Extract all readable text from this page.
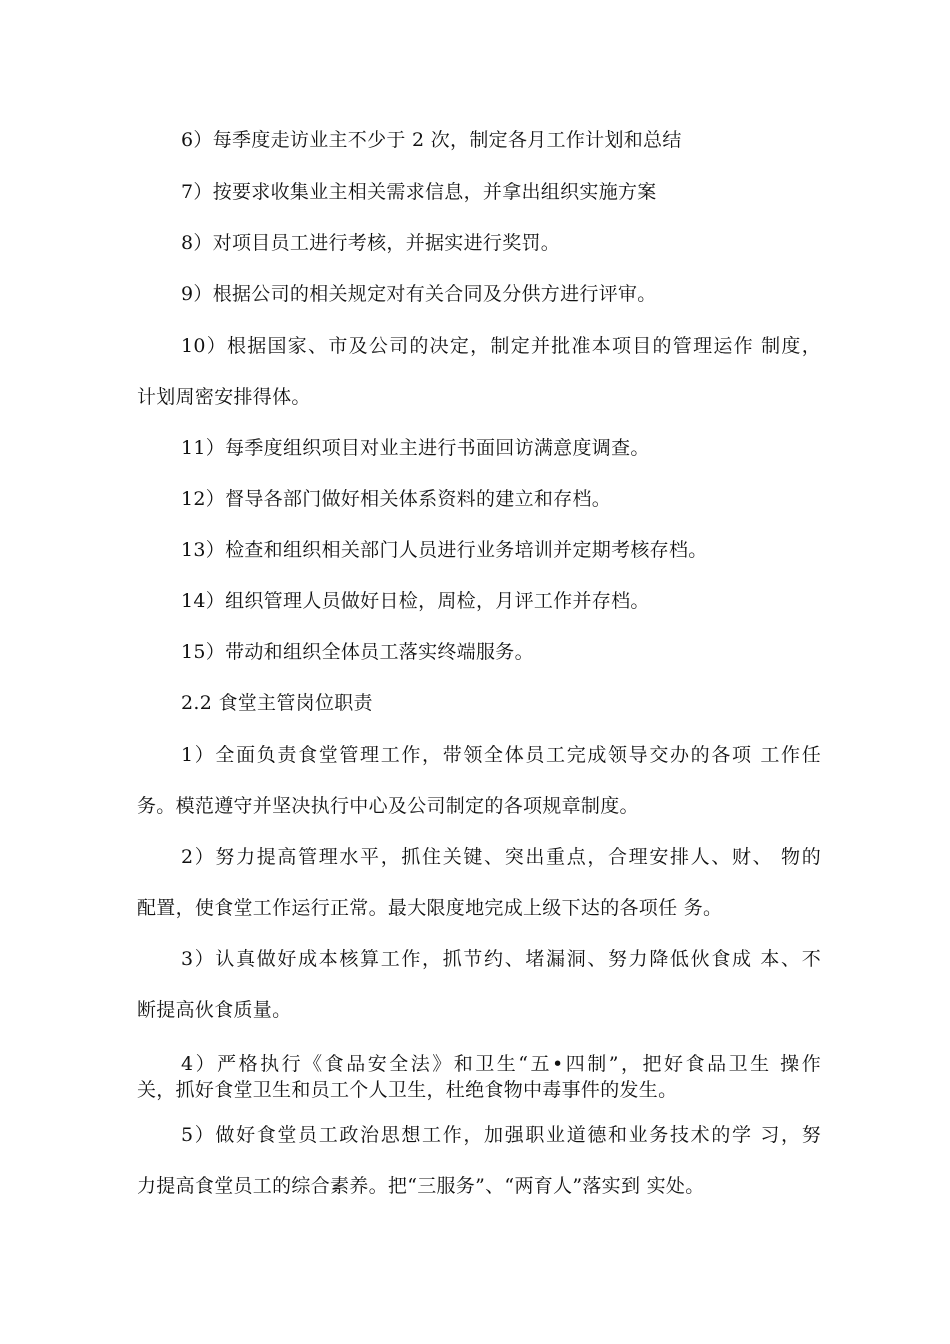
6）每季度走访业主不少于 2 次，制定各月工作计划和总结

7）按要求收集业主相关需求信息，并拿出组织实施方案

8）对项目员工进行考核，并据实进行奖罚。

9）根据公司的相关规定对有关合同及分供方进行评审。

10）根据国家、市及公司的决定，制定并批准本项目的管理运作 制度，

计划周密安排得体。

11）每季度组织项目对业主进行书面回访满意度调查。

12）督导各部门做好相关体系资料的建立和存档。

13）检查和组织相关部门人员进行业务培训并定期考核存档。

14）组织管理人员做好日检，周检，月评工作并存档。

15）带动和组织全体员工落实终端服务。

2.2 食堂主管岗位职责

1）全面负责食堂管理工作，带领全体员工完成领导交办的各项 工作任

务。模范遵守并坚决执行中心及公司制定的各项规章制度。

2）努力提高管理水平，抓住关键、突出重点，合理安排人、财、 物的

配置，使食堂工作运行正常。最大限度地完成上级下达的各项任 务。

3）认真做好成本核算工作，抓节约、堵漏洞、努力降低伙食成 本、不

断提高伙食质量。

4）严格执行《食品安全法》和卫生“五•四制”，把好食品卫生 操作

关，抓好食堂卫生和员工个人卫生，杜绝食物中毒事件的发生。

5）做好食堂员工政治思想工作，加强职业道德和业务技术的学 习，努

力提高食堂员工的综合素养。把“三服务”、“两育人”落实到 实处。
